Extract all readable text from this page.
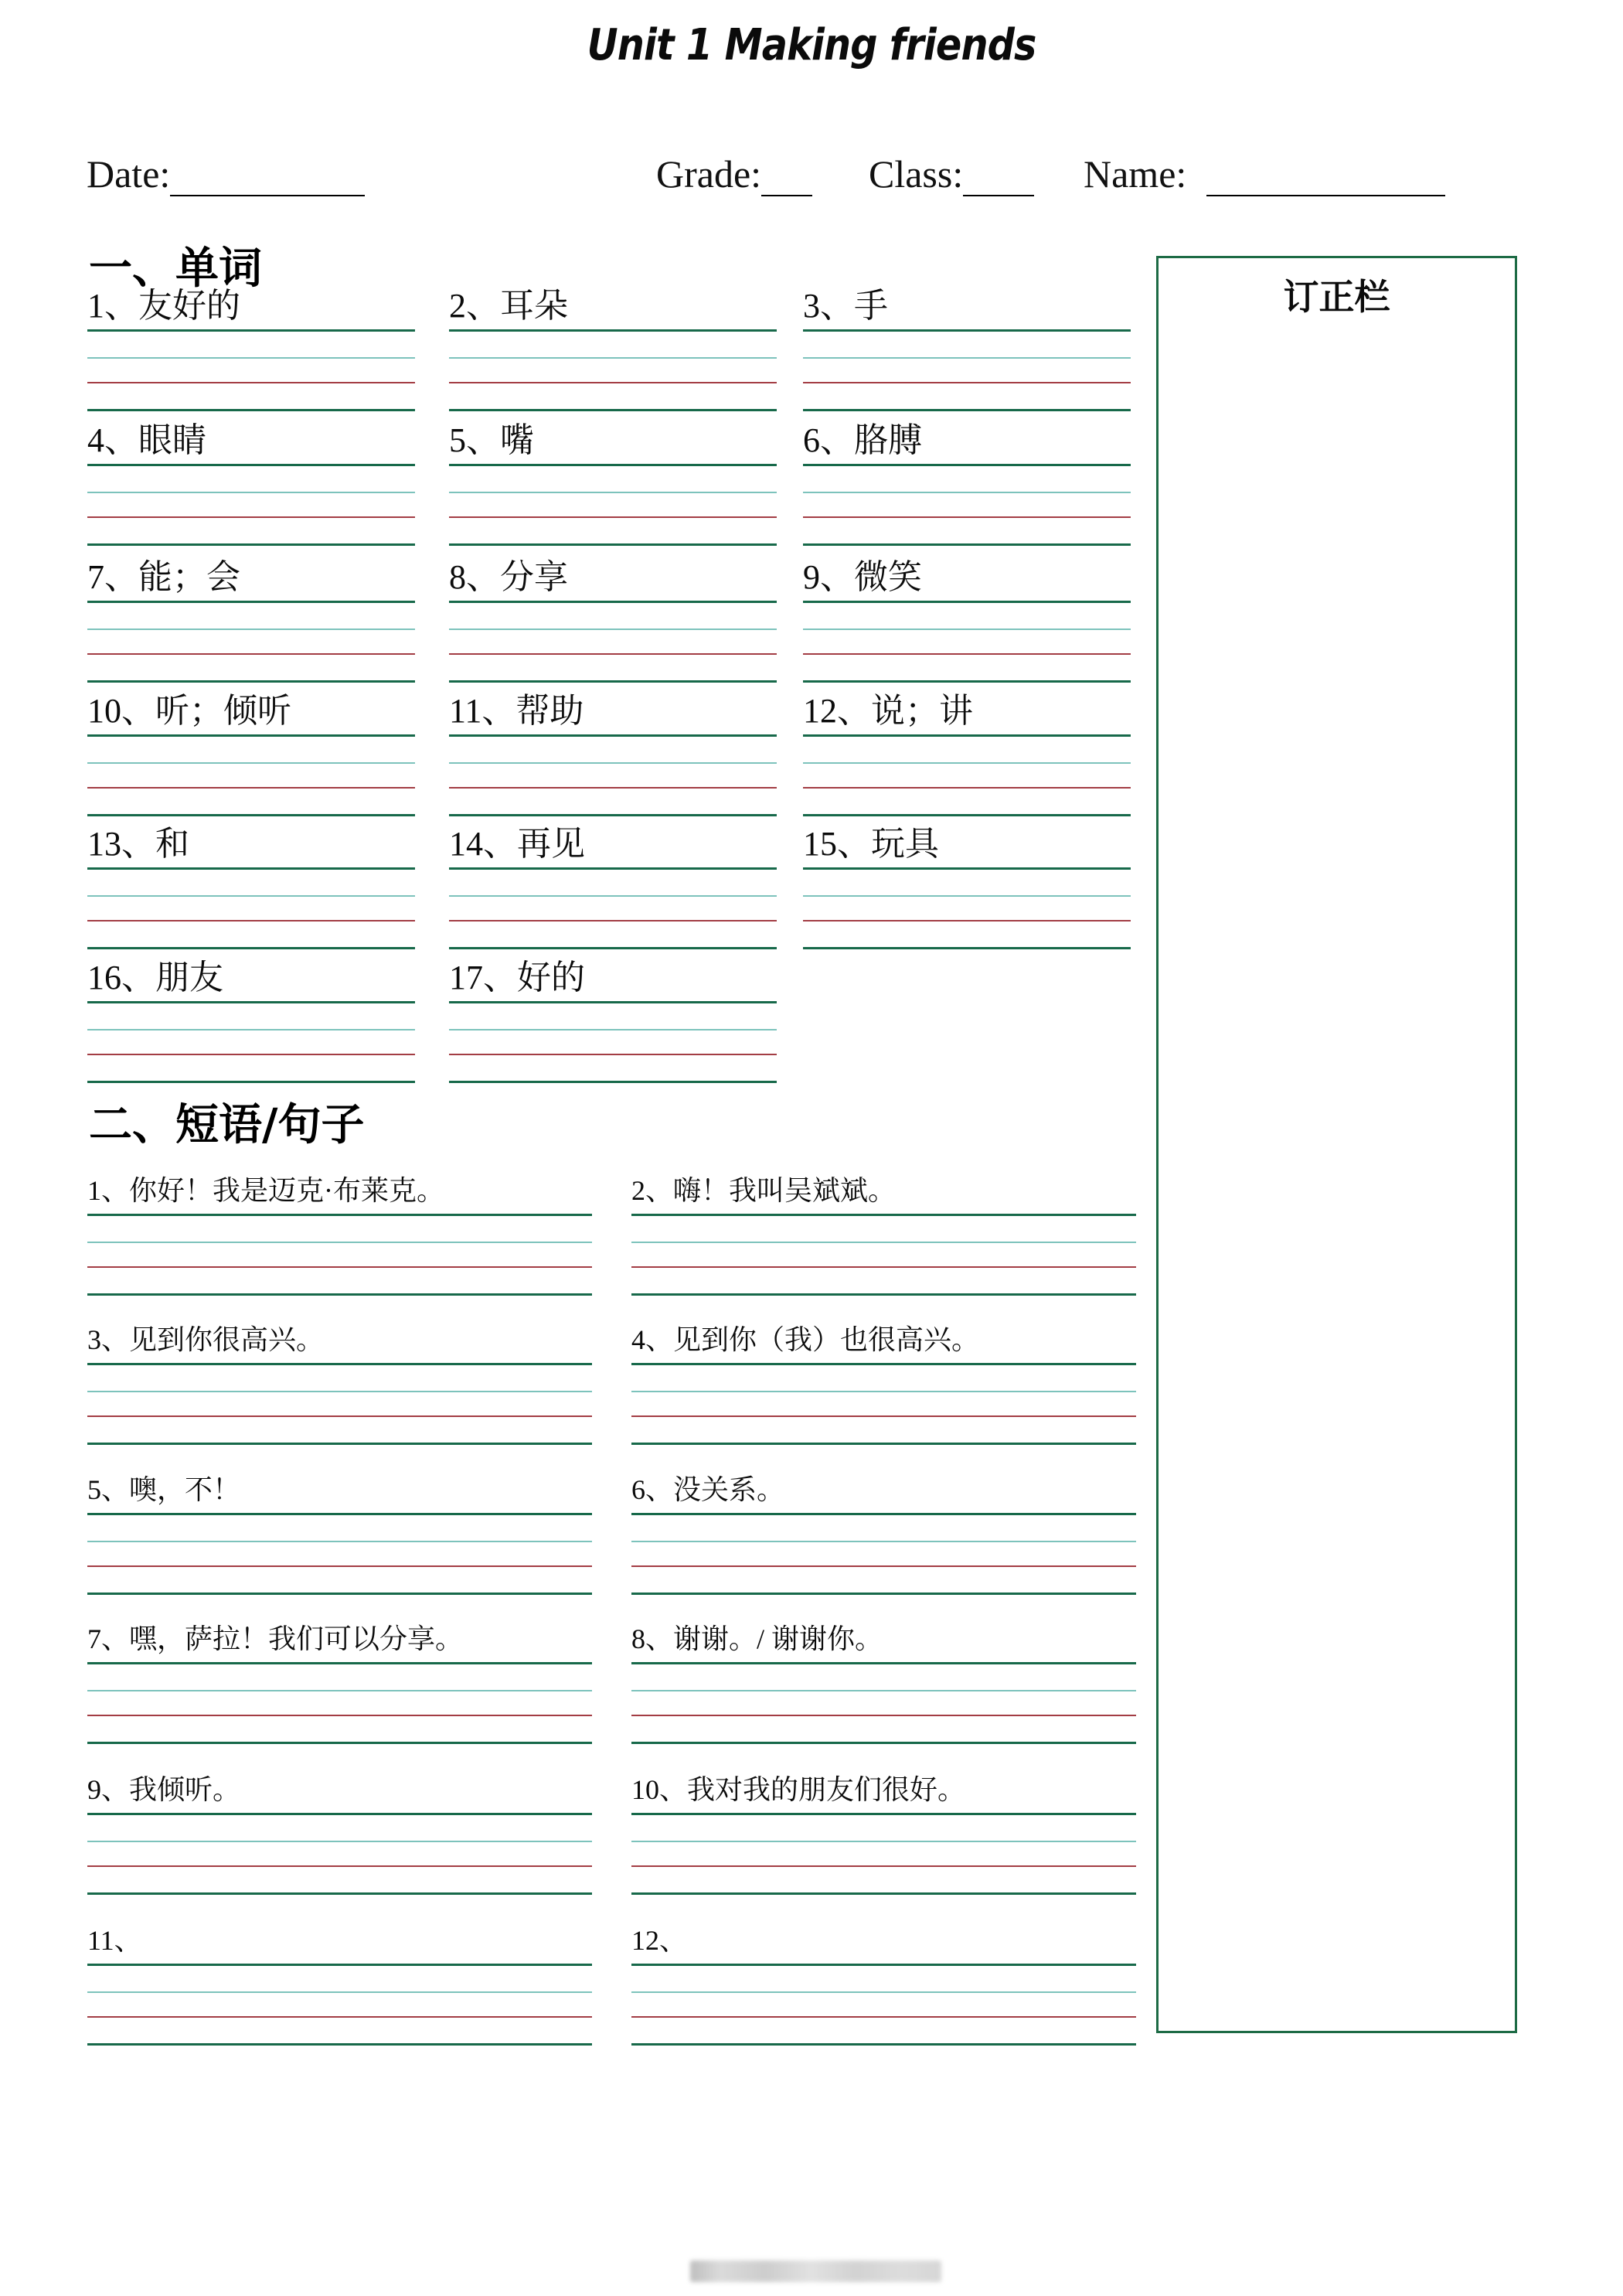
Unit 1 Making friends
Date:	Grade:	Class:	Name:
一、单词
1、友好的	2、耳朵	3、手
4、眼睛	5、嘴	6、胳膊
7、能；会	8、分享	9、微笑
10、听；倾听	11、帮助	12、说；讲
13、和	14、再见	15、玩具
16、朋友	17、好的
二、短语/句子
1、你好！我是迈克·布莱克。	2、嗨！我叫吴斌斌。
3、见到你很高兴。	4、见到你（我）也很高兴。
5、噢，不！	6、没关系。
7、嘿，萨拉！我们可以分享。	8、谢谢。/ 谢谢你。
9、我倾听。	10、我对我的朋友们很好。
11、	12、
订正栏
